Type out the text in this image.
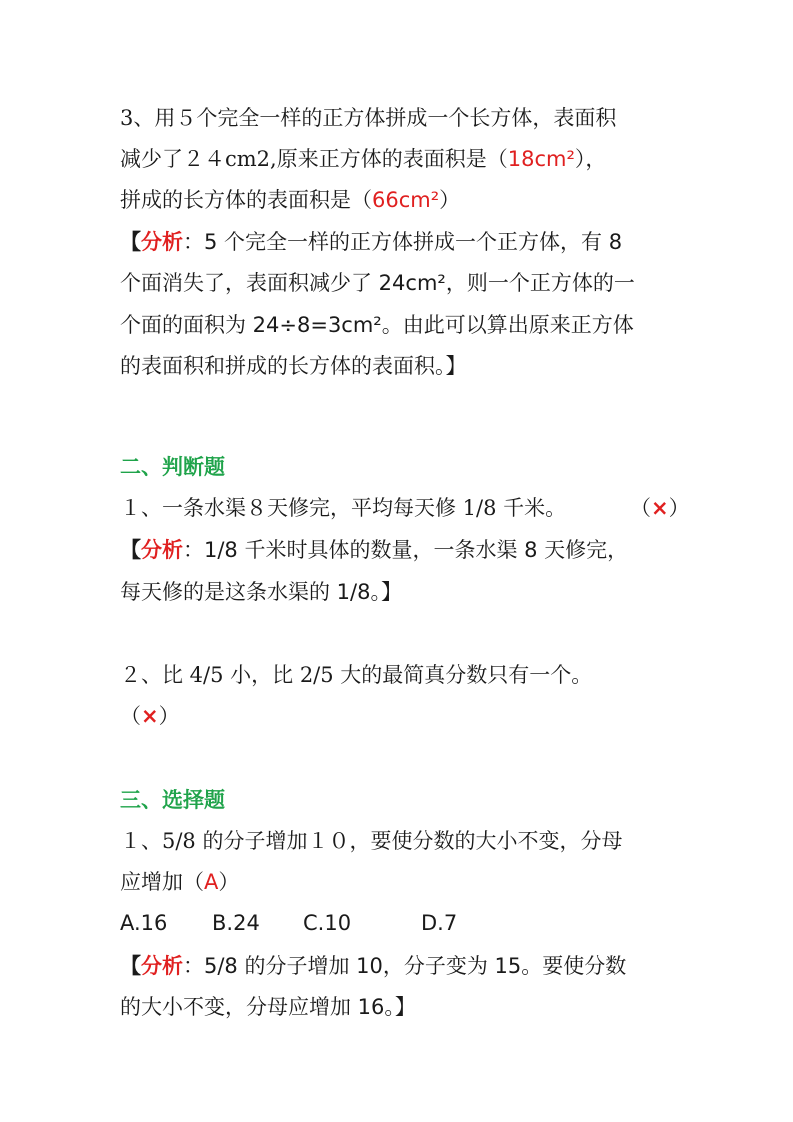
3、用５个完全一样的正方体拼成一个长方体，表面积
减少了２４cm2,原来正方体的表面积是（18cm²），
拼成的长方体的表面积是（66cm²）
【分析：5 个完全一样的正方体拼成一个正方体，有 8
个面消失了，表面积减少了 24cm²，则一个正方体的一
个面的面积为 24÷8=3cm²。由此可以算出原来正方体
的表面积和拼成的长方体的表面积。】
二、判断题
１、一条水渠８天修完，平均每天修 1/8 千米。	（×）
【分析：1/8 千米时具体的数量，一条水渠 8 天修完，
每天修的是这条水渠的 1/8。】
２、比 4/5 小，比 2/5 大的最简真分数只有一个。
（×）
三、选择题
１、5/8 的分子增加１０，要使分数的大小不变，分母
应增加（A）
A.16 B.24 C.10	D.7
【分析：5/8 的分子增加 10，分子变为 15。要使分数
的大小不变，分母应增加 16。】
